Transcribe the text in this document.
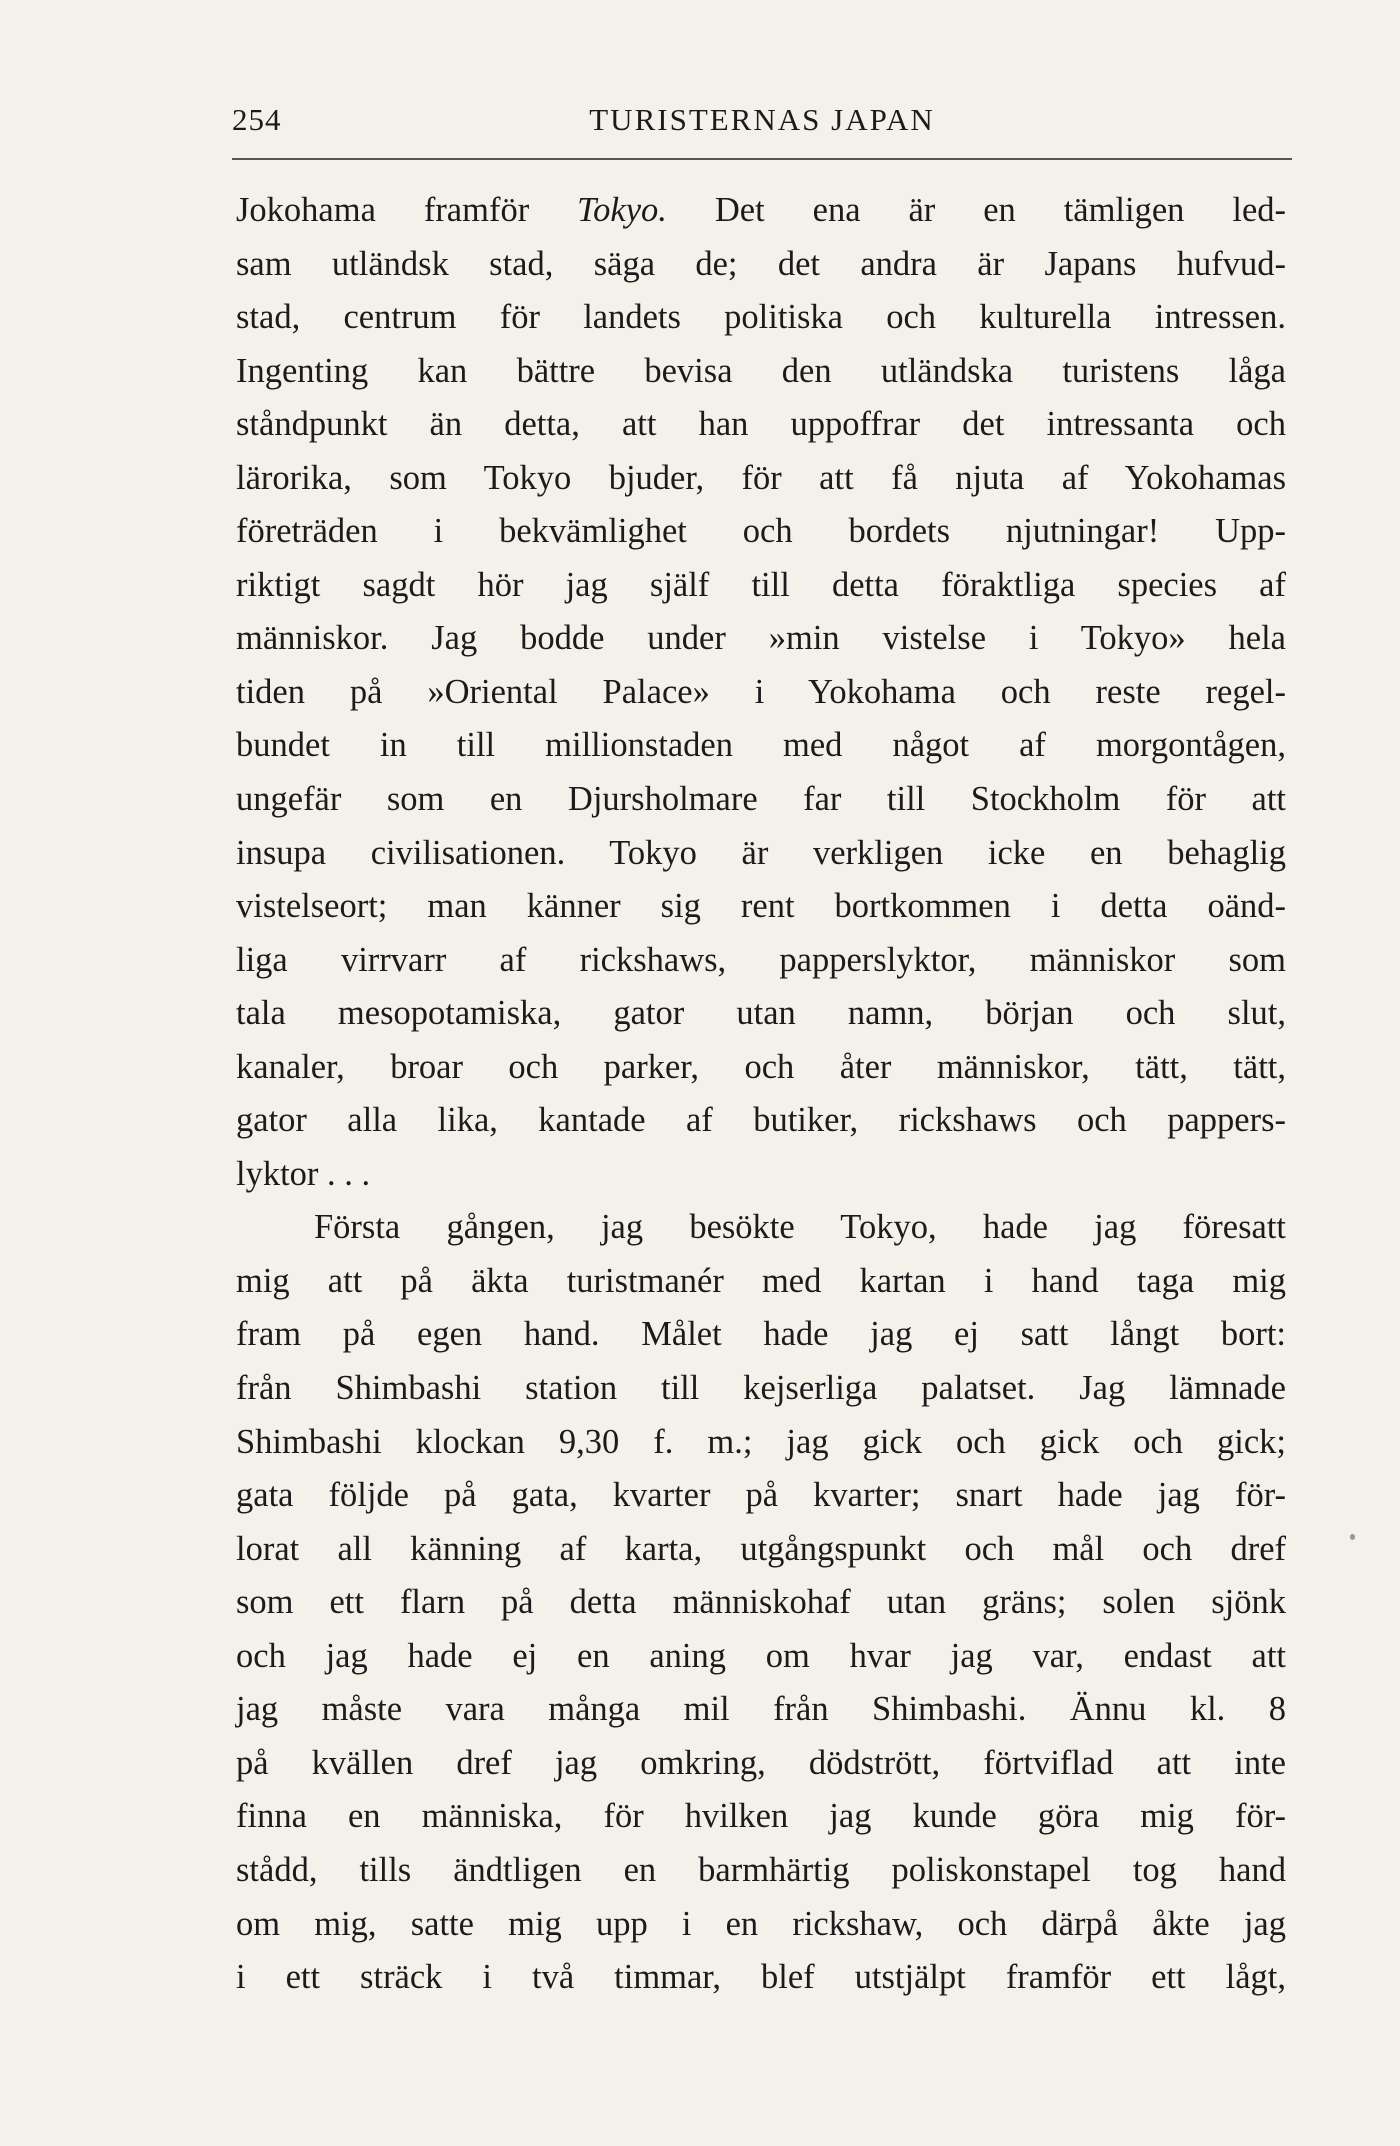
254	TURISTERNAS JAPAN
Jokohama framför Tokyo. Det ena är en tämligen led-
sam utländsk stad, säga de; det andra är Japans hufvud-
stad, centrum för landets politiska och kulturella intressen.
Ingenting kan bättre bevisa den utländska turistens låga
ståndpunkt än detta, att han uppoffrar det intressanta och
lärorika, som Tokyo bjuder, för att få njuta af Yokohamas
företräden i bekvämlighet och bordets njutningar! Upp-
riktigt sagdt hör jag själf till detta föraktliga species af
människor. Jag bodde under »min vistelse i Tokyo» hela
tiden på »Oriental Palace» i Yokohama och reste regel-
bundet in till millionstaden med något af morgontågen,
ungefär som en Djursholmare far till Stockholm för att
insupa civilisationen. Tokyo är verkligen icke en behaglig
vistelseort; man känner sig rent bortkommen i detta oänd-
liga virrvarr af rickshaws, papperslyktor, människor som
tala mesopotamiska, gator utan namn, början och slut,
kanaler, broar och parker, och åter människor, tätt, tätt,
gator alla lika, kantade af butiker, rickshaws och pappers-
lyktor . . .
Första gången, jag besökte Tokyo, hade jag föresatt
mig att på äkta turistmanér med kartan i hand taga mig
fram på egen hand. Målet hade jag ej satt långt bort:
från Shimbashi station till kejserliga palatset. Jag lämnade
Shimbashi klockan 9,30 f. m.; jag gick och gick och gick;
gata följde på gata, kvarter på kvarter; snart hade jag för-
lorat all känning af karta, utgångspunkt och mål och dref
som ett flarn på detta människohaf utan gräns; solen sjönk
och jag hade ej en aning om hvar jag var, endast att
jag måste vara många mil från Shimbashi. Ännu kl. 8
på kvällen dref jag omkring, dödstrött, förtviflad att inte
finna en människa, för hvilken jag kunde göra mig för-
stådd, tills ändtligen en barmhärtig poliskonstapel tog hand
om mig, satte mig upp i en rickshaw, och därpå åkte jag
i ett sträck i två timmar, blef utstjälpt framför ett lågt,
